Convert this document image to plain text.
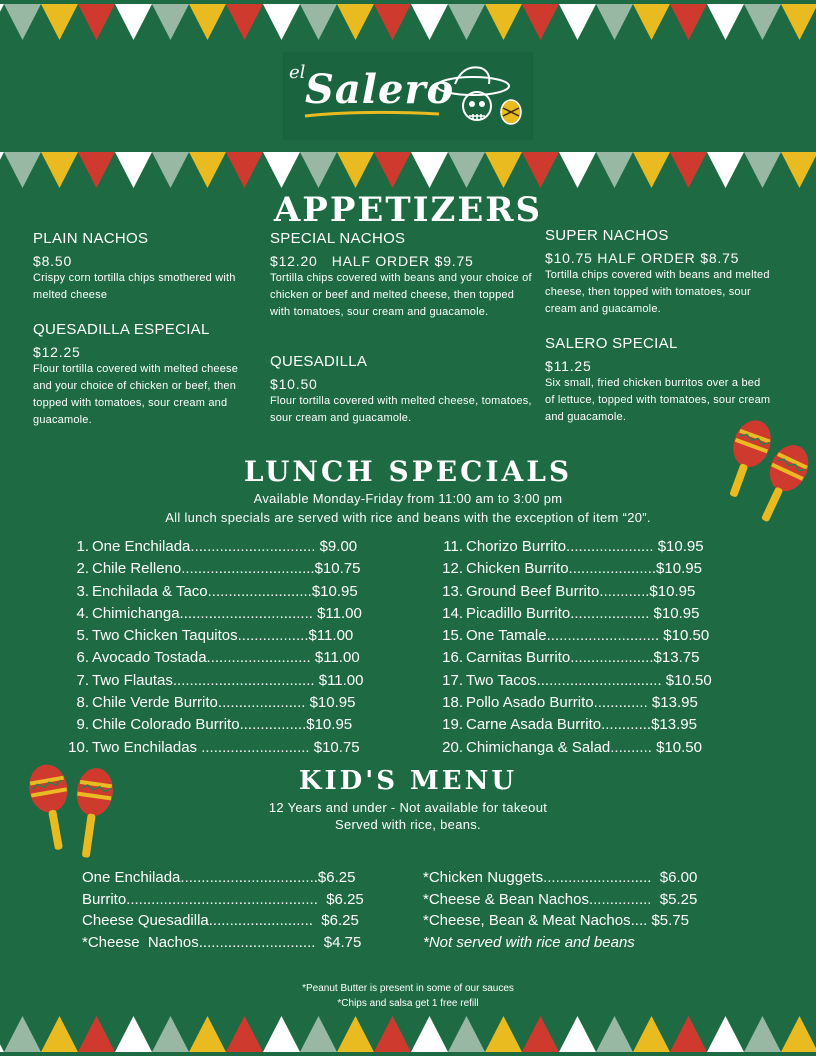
el Salero
APPETIZERS
PLAIN NACHOS
$8.50
Crispy corn tortilla chips smothered with melted cheese
QUESADILLA ESPECIAL
$12.25
Flour tortilla covered with melted cheese and your choice of chicken or beef, then topped with tomatoes, sour cream and guacamole.
SPECIAL NACHOS
$12.20   HALF ORDER $9.75
Tortilla chips covered with beans and your choice of chicken or beef and melted cheese, then topped with tomatoes, sour cream and guacamole.
QUESADILLA
$10.50
Flour tortilla covered with melted cheese, tomatoes, sour cream and guacamole.
SUPER NACHOS
$10.75 HALF ORDER $8.75
Tortilla chips covered with beans and melted cheese, then topped with tomatoes, sour cream and guacamole.
SALERO SPECIAL
$11.25
Six small, fried chicken burritos over a bed of lettuce, topped with tomatoes, sour cream and guacamole.
LUNCH SPECIALS
Available Monday-Friday from 11:00 am to 3:00 pm
All lunch specials are served with rice and beans with the exception of item “20”.
1. One Enchilada.............................. $9.00
2. Chile Relleno................................$10.75
3. Enchilada & Taco.........................$10.95
4. Chimichanga................................ $11.00
5. Two Chicken Taquitos.................$11.00
6. Avocado Tostada......................... $11.00
7. Two Flautas.................................. $11.00
8. Chile Verde Burrito..................... $10.95
9. Chile Colorado Burrito................$10.95
10. Two Enchiladas .......................... $10.75
11. Chorizo Burrito..................... $10.95
12. Chicken Burrito.....................$10.95
13. Ground Beef Burrito............$10.95
14. Picadillo Burrito................... $10.95
15. One Tamale........................... $10.50
16. Carnitas Burrito....................$13.75
17. Two Tacos.............................. $10.50
18. Pollo Asado Burrito............. $13.95
19. Carne Asada Burrito............$13.95
20. Chimichanga & Salad.......... $10.50
KID'S MENU
12 Years and under - Not available for takeout
Served with rice, beans.
One Enchilada.................................$6.25
Burrito..............................................  $6.25
Cheese Quesadilla.........................  $6.25
*Cheese  Nachos............................  $4.75
*Chicken Nuggets..........................  $6.00
*Cheese & Bean Nachos...............  $5.25
*Cheese, Bean & Meat Nachos.... $5.75
*Not served with rice and beans
*Peanut Butter is present in some of our sauces
*Chips and salsa get 1 free refill
